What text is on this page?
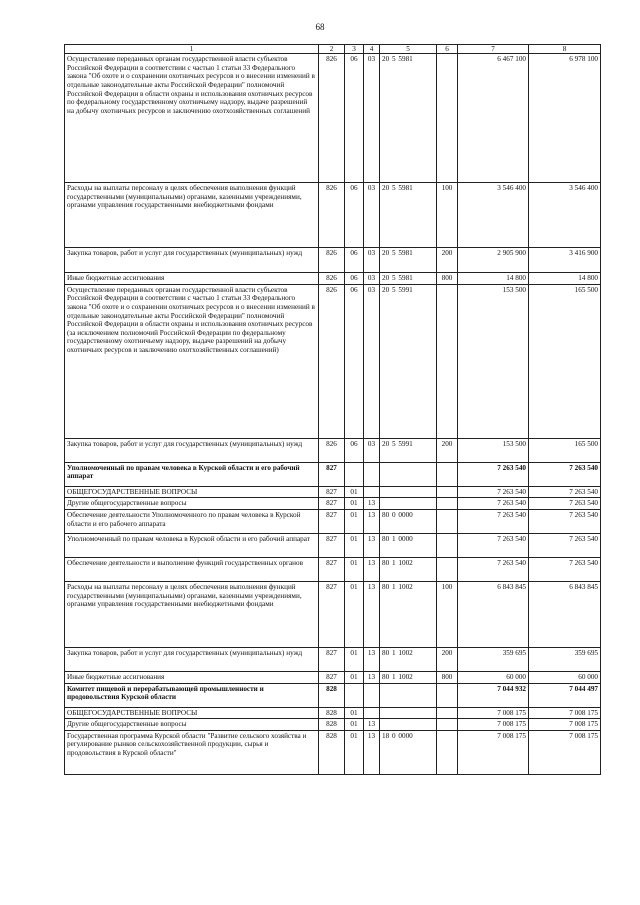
68
1	2	3	4	5	6	7	8
Осуществление переданных органам государственной власти субъектов Российской Федерации в соответствии с частью 1 статьи 33 Федерального закона "Об охоте и о сохранении охотничьих ресурсов и о внесении изменений в отдельные законодательные акты Российской Федерации" полномочий Российской Федерации в области охраны и использования охотничьих ресурсов по федеральному государственному охотничьему надзору, выдаче разрешений на добычу охотничьих ресурсов и заключению охотхозяйственных соглашений	826	06	03	20 5 5981		6 467 100	6 978 100
Расходы на выплаты персоналу в целях обеспечения выполнения функций государственными (муниципальными) органами, казенными учреждениями, органами управления государственными внебюджетными фондами	826	06	03	20 5 5981	100	3 546 400	3 546 400
Закупка товаров, работ и услуг для государственных (муниципальных) нужд	826	06	03	20 5 5981	200	2 905 900	3 416 900
Иные бюджетные ассигнования	826	06	03	20 5 5981	800	14 800	14 800
Осуществление переданных органам государственной власти субъектов Российской Федерации в соответствии с частью 1 статьи 33 Федерального закона "Об охоте и о сохранении охотничьих ресурсов и о внесении изменений в отдельные законодательные акты Российской Федерации" полномочий Российской Федерации в области охраны и использования охотничьих ресурсов (за исключением полномочий Российской Федерации по федеральному государственному охотничьему надзору, выдаче разрешений на добычу охотничьих ресурсов и заключению охотхозяйственных соглашений)	826	06	03	20 5 5991		153 500	165 500
Закупка товаров, работ и услуг для государственных (муниципальных) нужд	826	06	03	20 5 5991	200	153 500	165 500
Уполномоченный по правам человека в Курской области и его рабочий аппарат	827					7 263 540	7 263 540
ОБЩЕГОСУДАРСТВЕННЫЕ ВОПРОСЫ	827	01				7 263 540	7 263 540
Другие общегосударственные вопросы	827	01	13			7 263 540	7 263 540
Обеспечение деятельности Уполномоченного по правам человека в Курской области и его рабочего аппарата	827	01	13	80 0 0000		7 263 540	7 263 540
Уполномоченный по правам человека в Курской области и его рабочий аппарат	827	01	13	80 1 0000		7 263 540	7 263 540
Обеспечение деятельности и выполнение функций государственных органов	827	01	13	80 1 1002		7 263 540	7 263 540
Расходы на выплаты персоналу в целях обеспечения выполнения функций государственными (муниципальными) органами, казенными учреждениями, органами управления государственными внебюджетными фондами	827	01	13	80 1 1002	100	6 843 845	6 843 845
Закупка товаров, работ и услуг для государственных (муниципальных) нужд	827	01	13	80 1 1002	200	359 695	359 695
Иные бюджетные ассигнования	827	01	13	80 1 1002	800	60 000	60 000
Комитет пищевой и перерабатывающей промышленности и продовольствия Курской области	828					7 044 932	7 044 497
ОБЩЕГОСУДАРСТВЕННЫЕ ВОПРОСЫ	828	01				7 008 175	7 008 175
Другие общегосударственные вопросы	828	01	13			7 008 175	7 008 175
Государственная программа Курской области "Развитие сельского хозяйства и регулирование рынков сельскохозяйственной продукции, сырья и продовольствия в Курской области"	828	01	13	18 0 0000		7 008 175	7 008 175
